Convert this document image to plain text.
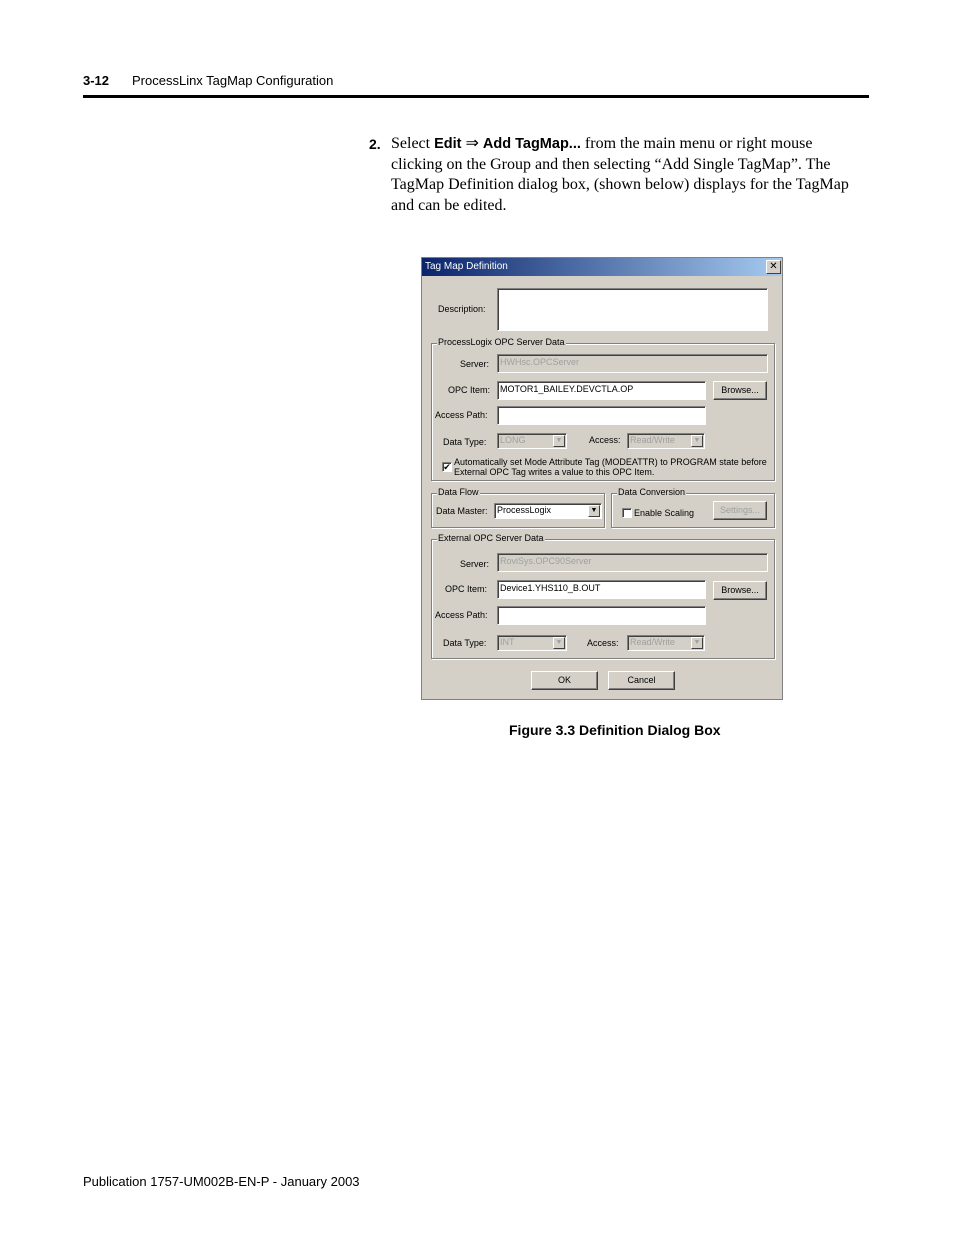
3-12 ProcessLinx TagMap Configuration
2. Select Edit ⇒ Add TagMap... from the main menu or right mouse clicking on the Group and then selecting “Add Single TagMap”. The TagMap Definition dialog box, (shown below) displays for the TagMap and can be edited.
Tag Map Definition	✕
Description:
ProcessLogix OPC Server Data
Server:	HWHsc.OPCServer
OPC Item:	MOTOR1_BAILEY.DEVCTLA.OP	Browse...
Access Path:
Data Type:	LONG	▼	Access:	Read/Write	▼
✔ Automatically set Mode Attribute Tag (MODEATTR) to PROGRAM state before External OPC Tag writes a value to this OPC Item.
Data Flow
Data Master:	ProcessLogix	▼
Data Conversion
Enable Scaling	Settings...
External OPC Server Data
Server:	RoviSys.OPC90Server
OPC Item:	Device1.YHS110_B.OUT	Browse...
Access Path:
Data Type:	INT	▼	Access:	Read/Write	▼
OK	Cancel
Figure 3.3 Definition Dialog Box
Publication 1757-UM002B-EN-P - January 2003
